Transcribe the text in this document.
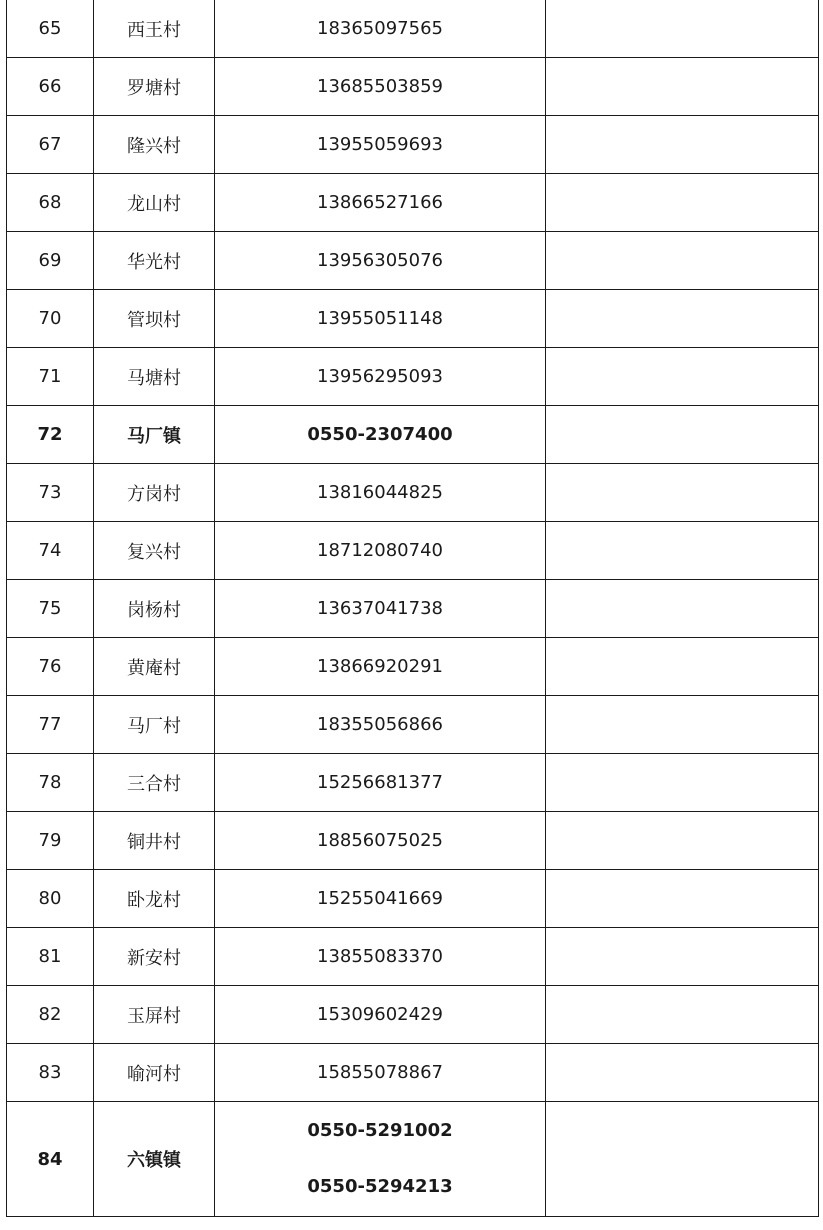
65	西王村	18365097565	
66	罗塘村	13685503859	
67	隆兴村	13955059693	
68	龙山村	13866527166	
69	华光村	13956305076	
70	管坝村	13955051148	
71	马塘村	13956295093	
72	马厂镇	0550-2307400	
73	方岗村	13816044825	
74	复兴村	18712080740	
75	岗杨村	13637041738	
76	黄庵村	13866920291	
77	马厂村	18355056866	
78	三合村	15256681377	
79	铜井村	18856075025	
80	卧龙村	15255041669	
81	新安村	13855083370	
82	玉屏村	15309602429	
83	喻河村	15855078867	
84	六镇镇	0550-5291002
0550-5294213	
